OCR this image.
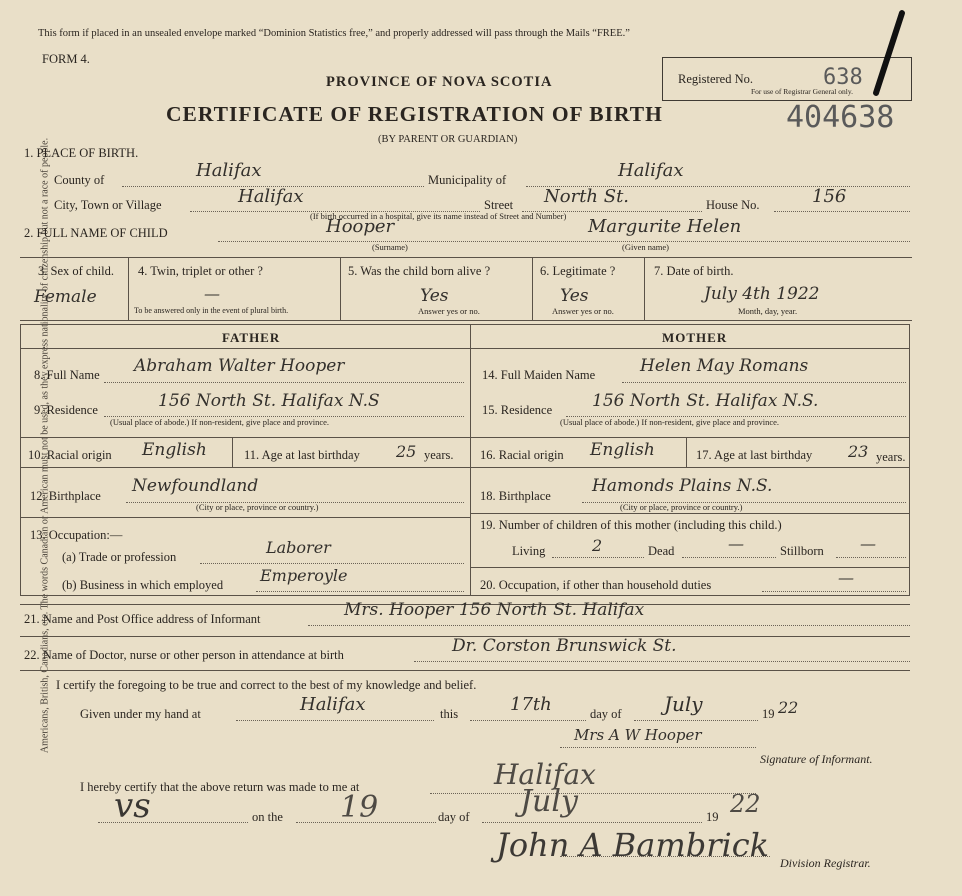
Americans, British, Canadians, etc. The words Canadian or American must not be used, as they express nationality of citizenship but not a race of people.
This form if placed in an unsealed envelope marked “Dominion Statistics free,” and properly addressed will pass through the Mails “FREE.”
FORM 4.
PROVINCE OF NOVA SCOTIA
CERTIFICATE OF REGISTRATION OF BIRTH
(BY PARENT OR GUARDIAN)
Registered No.	638
For use of Registrar General only.
404638
1. PLACE OF BIRTH.
County of	Halifax	Municipality of	Halifax
City, Town or Village	Halifax	Street North St.	House No.	156
(If birth occurred in a hospital, give its name instead of Street and Number)
2. FULL NAME OF CHILD	Hooper
(Surname)
Margurite Helen
(Given name)
3. Sex of child.
Female
4. Twin, triplet or other ?
—
To be answered only in the event of plural birth.
5. Was the child born alive ?
Yes
Answer yes or no.
6. Legitimate ?
Yes
Answer yes or no.
7. Date of birth.
July 4th 1922
Month, day, year.
FATHER	MOTHER
8. Full Name Abraham Walter Hooper
9. Residence	156 North St. Halifax N.S
(Usual place of abode.) If non-resident, give place and province.
10. Racial origin English	11. Age at last birthday 25 years.
12. Birthplace Newfoundland
(City or place, province or country.)
13. Occupation:—
(a) Trade or profession	Laborer
(b) Business in which employed Emperoyle
14. Full Maiden Name	Helen May Romans
15. Residence 156 North St. Halifax N.S.
(Usual place of abode.) If non-resident, give place and province.
16. Racial origin English	17. Age at last birthday 23 years.
18. Birthplace Hamonds Plains N.S.
(City or place, province or country.)
19. Number of children of this mother (including this child.)
Living	2	Dead	—	Stillborn —
20. Occupation, if other than household duties	—
21. Name and Post Office address of Informant	Mrs. Hooper 156 North St. Halifax
22. Name of Doctor, nurse or other person in attendance at birth	Dr. Corston Brunswick St.
I certify the foregoing to be true and correct to the best of my knowledge and belief.
Given under my hand at	Halifax	this	17th	day of July	19 22
Mrs A W Hooper
Signature of Informant.
I hereby certify that the above return was made to me at	Halifax
vs	on the 19	day of July	19 22
John A Bambrick Division Registrar.
